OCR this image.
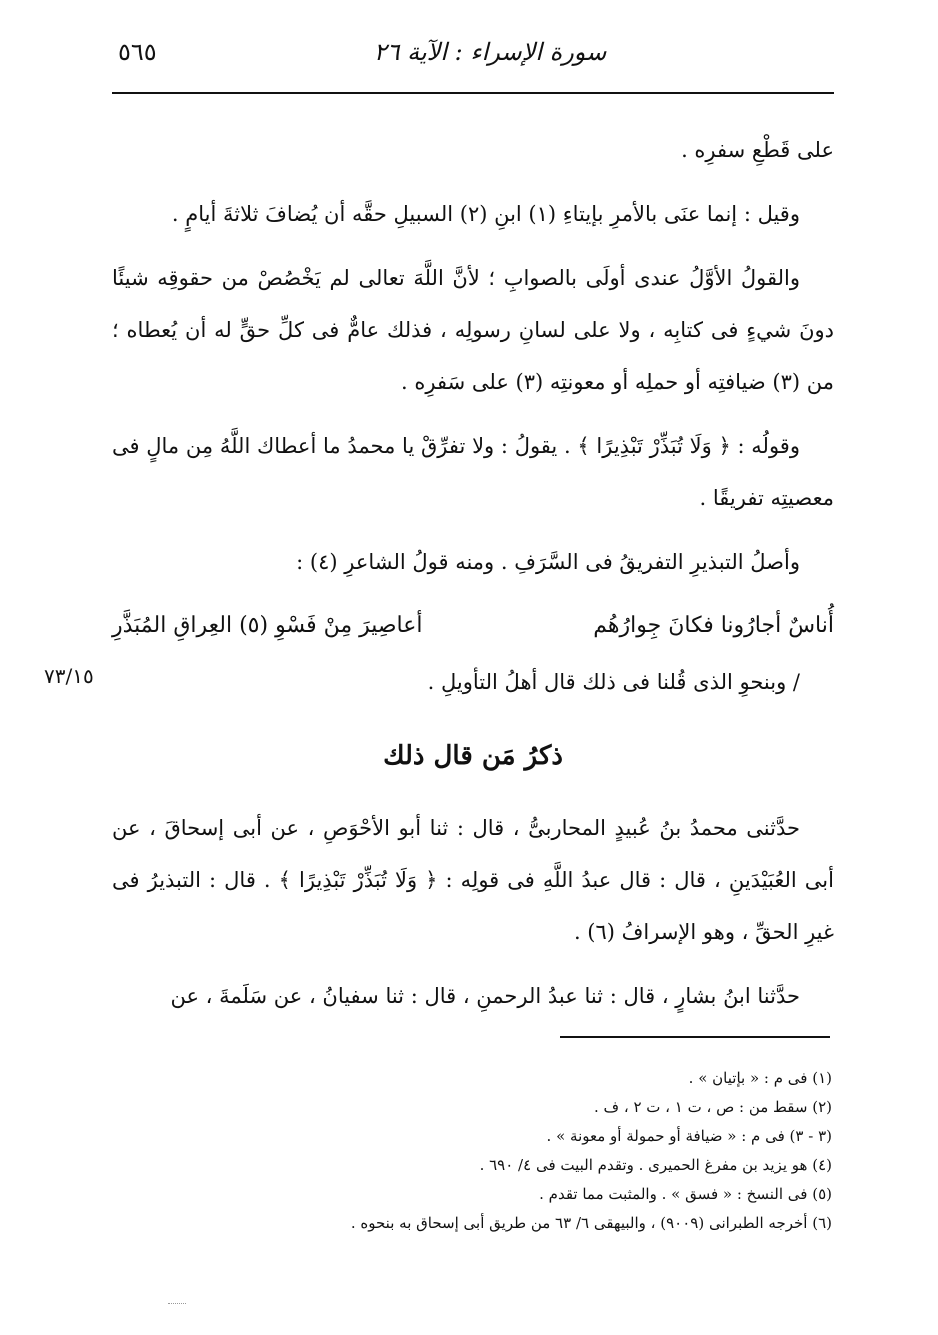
سورة الإسراء : الآية ٢٦
٥٦٥
٧٣/١٥

على قَطْعِ سفرِه .

وقيل : إنما عنَى بالأمرِ بإيتاءِ (١) ابنِ (٢) السبيلِ حقَّه أن يُضافَ ثلاثةَ أيامٍ .

والقولُ الأوَّلُ عندى أولَى بالصوابِ ؛ لأنَّ اللَّهَ تعالى لم يَخْصُصْ من حقوقِه شيئًا دونَ شيءٍ فى كتابِه ، ولا على لسانِ رسولِه ، فذلك عامٌّ فى كلِّ حقٍّ له أن يُعطاه ؛ من (٣) ضيافتِه أو حملِه أو معونتِه (٣) على سَفرِه .

وقولُه : ﴿ وَلَا تُبَذِّرْ تَبْذِيرًا ﴾ . يقولُ : ولا تفرِّقْ يا محمدُ ما أعطاك اللَّهُ مِن مالٍ فى معصيتِه تفريقًا .

وأصلُ التبذيرِ التفريقُ فى السَّرَفِ . ومنه قولُ الشاعرِ (٤) :

أُناسٌ أجارُونا فكانَ جِوارُهُم
أعاصِيرَ مِنْ فَسْوِ (٥) العِراقِ المُبَذَّرِ

/ وبنحوِ الذى قُلنا فى ذلك قال أهلُ التأويلِ .

ذكرُ مَن قال ذلك

حدَّثنى محمدُ بنُ عُبيدٍ المحاربىُّ ، قال : ثنا أبو الأحْوَصِ ، عن أبى إسحاقَ ، عن أبى العُبَيْدَينِ ، قال : قال عبدُ اللَّهِ فى قولِه : ﴿ وَلَا تُبَذِّرْ تَبْذِيرًا ﴾ . قال : التبذيرُ فى غيرِ الحقِّ ، وهو الإسرافُ (٦) .

حدَّثنا ابنُ بشارٍ ، قال : ثنا عبدُ الرحمنِ ، قال : ثنا سفيانُ ، عن سَلَمةَ ، عن

(١) فى م : « بإتيان » .
(٢) سقط من : ص ، ت ١ ، ت ٢ ، ف .
(٣ - ٣) فى م : « ضيافة أو حمولة أو معونة » .
(٤) هو يزيد بن مفرغ الحميرى . وتقدم البيت فى ٤/ ٦٩٠ .
(٥) فى النسخ : « فسق » . والمثبت مما تقدم .
(٦) أخرجه الطبرانى (٩٠٠٩) ، والبيهقى ٦/ ٦٣ من طريق أبى إسحاق به بنحوه .
